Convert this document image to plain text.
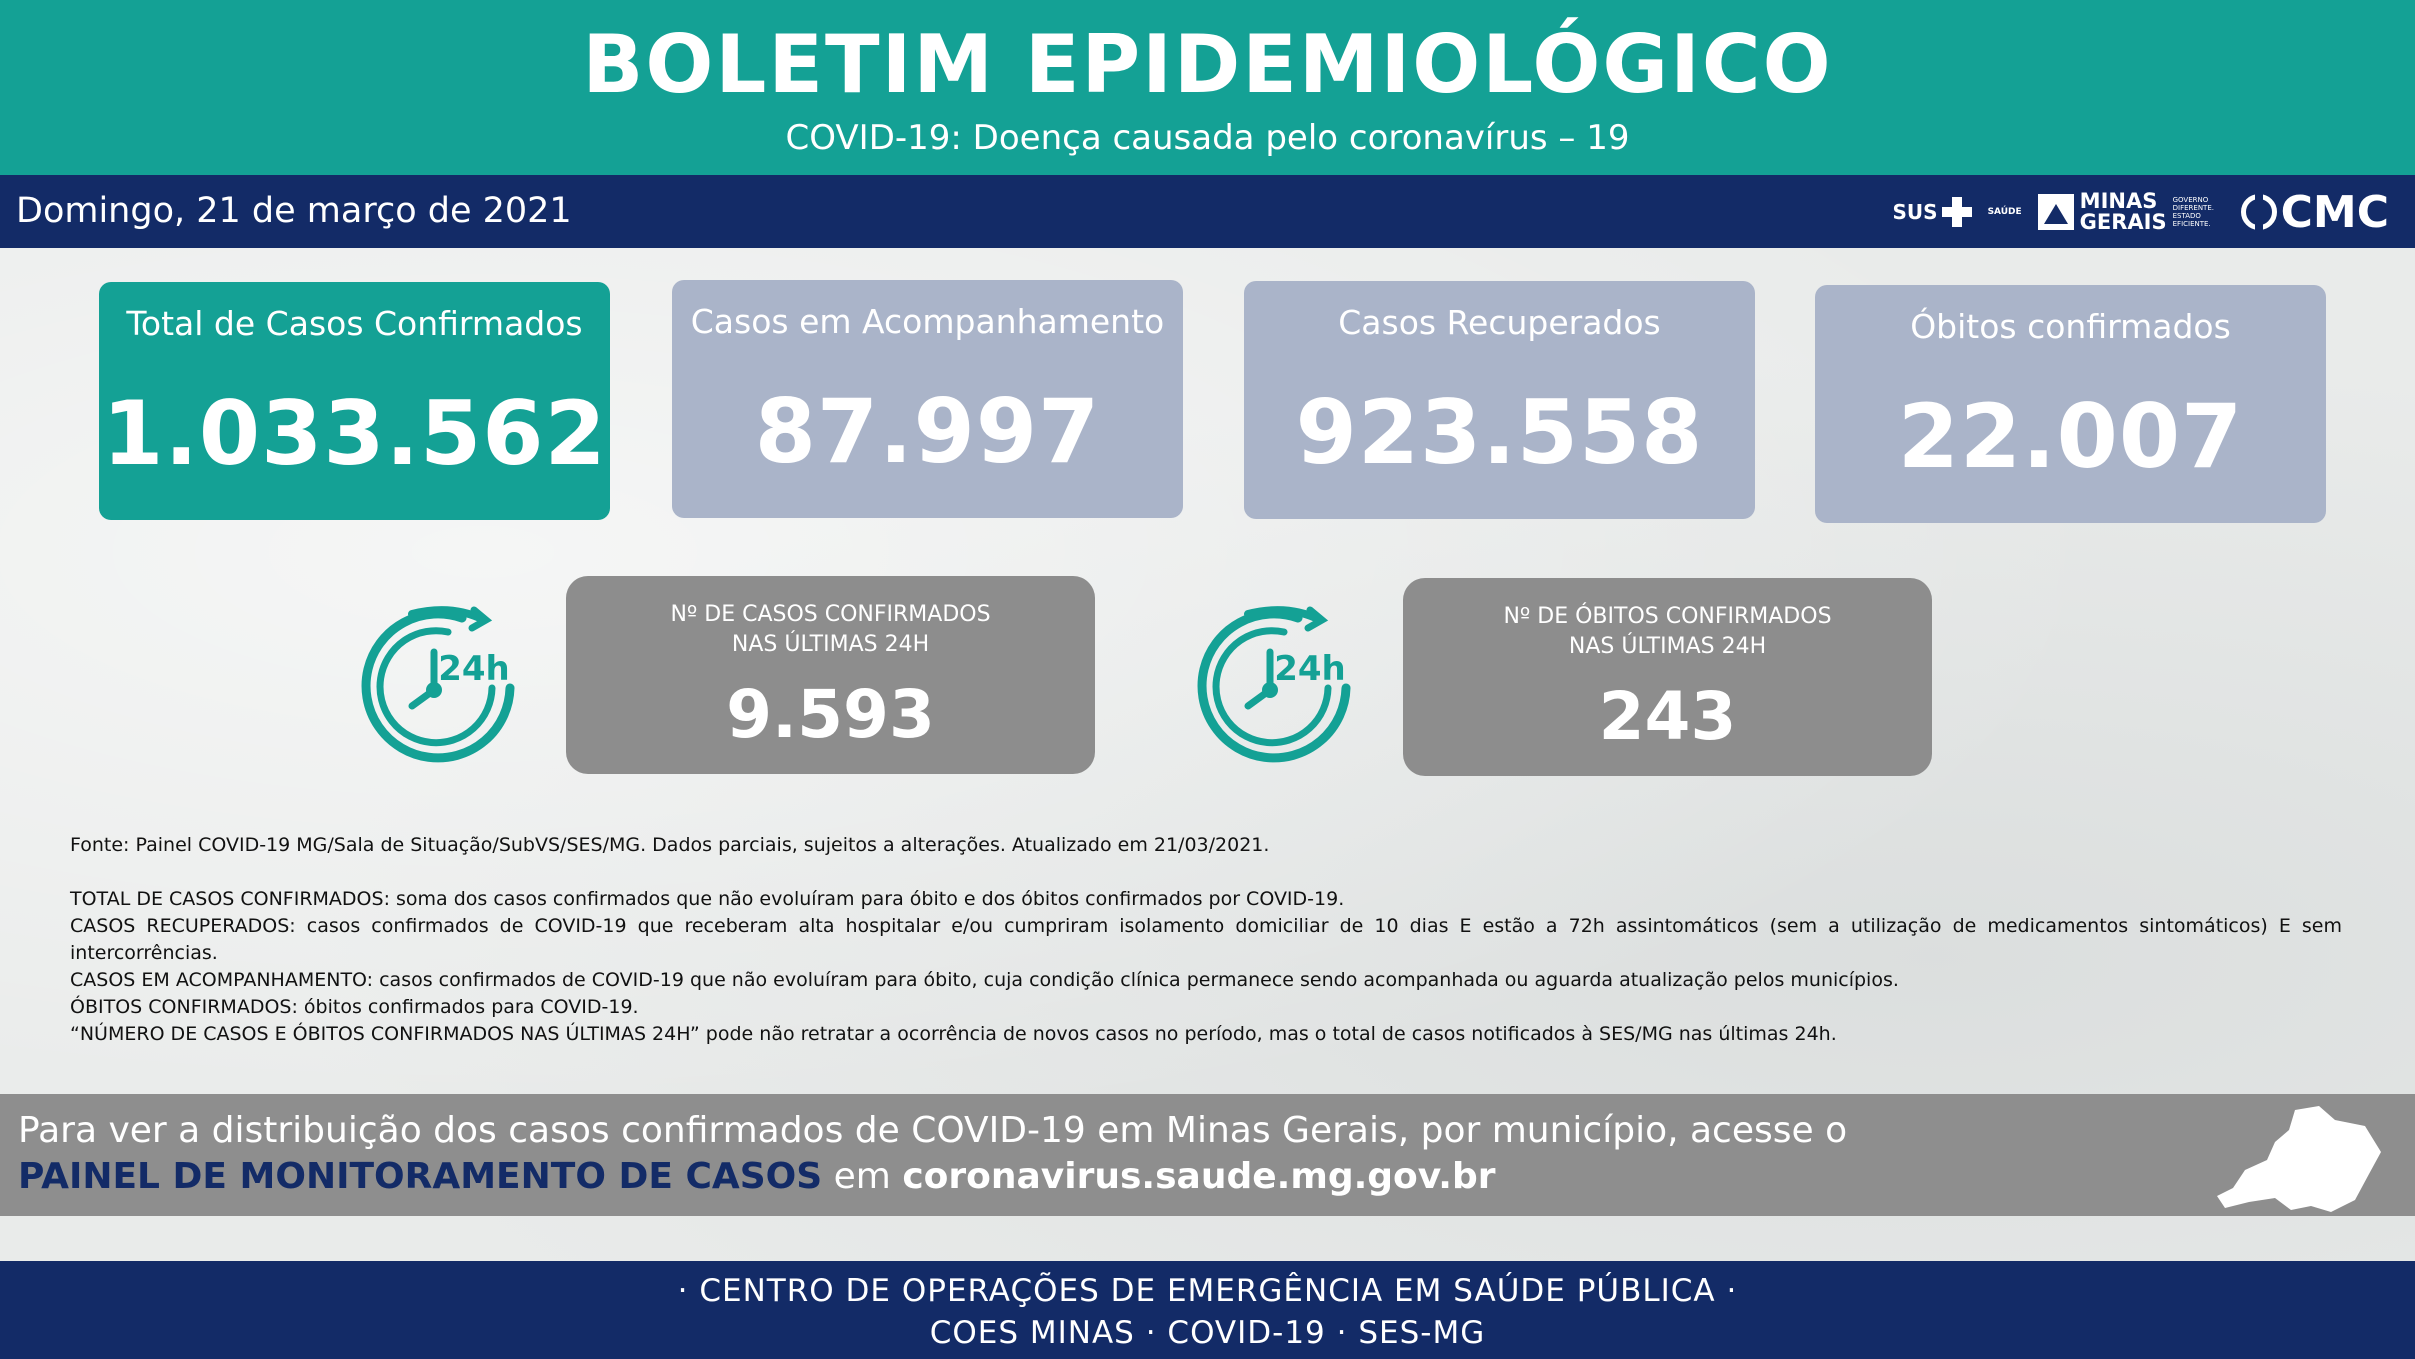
BOLETIM EPIDEMIOLÓGICO
COVID-19: Doença causada pelo coronavírus – 19
Domingo, 21 de março de 2021	SUS	SAÚDE	MINAS
GERAIS
GOVERNO DIFERENTE. ESTADO EFICIENTE.	CMC
Total de Casos Confirmados
1.033.562
Casos em Acompanhamento
87.997
Casos Recuperados
923.558
Óbitos confirmados
22.007
24h
Nº DE CASOS CONFIRMADOS
NAS ÚLTIMAS 24H
9.593
24h
Nº DE ÓBITOS CONFIRMADOS
NAS ÚLTIMAS 24H
243

Fonte: Painel COVID-19 MG/Sala de Situação/SubVS/SES/MG. Dados parciais, sujeitos a alterações. Atualizado em 21/03/2021.

TOTAL DE CASOS CONFIRMADOS: soma dos casos confirmados que não evoluíram para óbito e dos óbitos confirmados por COVID-19.

CASOS RECUPERADOS: casos confirmados de COVID-19 que receberam alta hospitalar e/ou cumpriram isolamento domiciliar de 10 dias E estão a 72h assintomáticos (sem a utilização de medicamentos sintomáticos) E sem intercorrências.

CASOS EM ACOMPANHAMENTO: casos confirmados de COVID-19 que não evoluíram para óbito, cuja condição clínica permanece sendo acompanhada ou aguarda atualização pelos municípios.

ÓBITOS CONFIRMADOS: óbitos confirmados para COVID-19.

“NÚMERO DE CASOS E ÓBITOS CONFIRMADOS NAS ÚLTIMAS 24H” pode não retratar a ocorrência de novos casos no período, mas o total de casos notificados à SES/MG nas últimas 24h.

Para ver a distribuição dos casos confirmados de COVID-19 em Minas Gerais, por município, acesse o
PAINEL DE MONITORAMENTO DE CASOS em coronavirus.saude.mg.gov.br
· CENTRO DE OPERAÇÕES DE EMERGÊNCIA EM SAÚDE PÚBLICA ·
COES MINAS · COVID-19 · SES-MG
